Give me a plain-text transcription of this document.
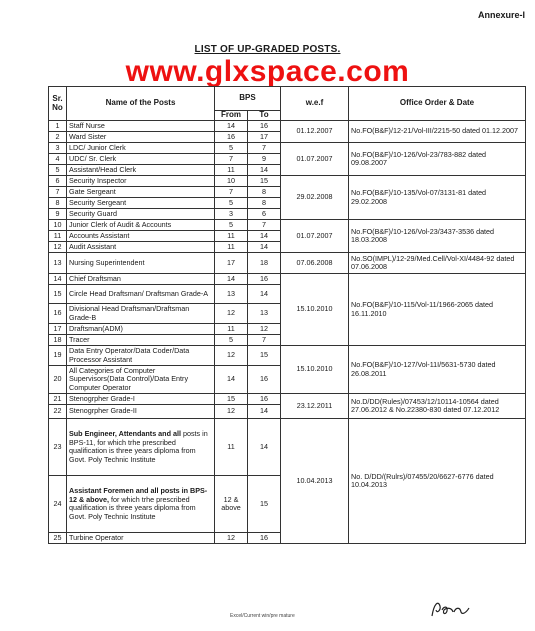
Annexure-I
LIST OF UP-GRADED POSTS.
www.glxspace.com
Sr. No	Name of the Posts	BPS		w.e.f	Office Order & Date
		From	To		
1	Staff Nurse	14	16	01.12.2007	No.FO(B&F)/12-21/Vol-III/2215-50 dated 01.12.2007
2	Ward Sister	16	17		
3	LDC/ Junior Clerk	5	7	01.07.2007	No.FO(B&F)/10-126/Vol-23/783-882 dated 09.08.2007
4	UDC/ Sr. Clerk	7	9		
5	Assistant/Head Clerk	11	14		
6	Security Inspector	10	15	29.02.2008	No.FO(B&F)/10-135/Vol-07/3131-81 dated 29.02.2008
7	Gate Sergeant	7	8		
8	Security Sergeant	5	8		
9	Security Guard	3	6		
10	Junior Clerk of Audit & Accounts	5	7	01.07.2007	No.FO(B&F)/10-126/Vol-23/3437-3536 dated 18.03.2008
11	Accounts Assistant	11	14		
12	Audit Assistant	11	14		
13	Nursing Superintendent	17	18	07.06.2008	No.SO(IMPL)/12-29/Med.Cell/Vol-XI/4484-92 dated 07.06.2008
14	Chief Draftsman	14	16	15.10.2010	No.FO(B&F)/10-115/Vol-11/1966-2065 dated 16.11.2010
15	Circle Head Draftsman/ Draftsman Grade-A	13	14		
16	Divisional Head Draftsman/Draftsman Grade-B	12	13		
17	Draftsman(ADM)	11	12		
18	Tracer	5	7		
19	Data Entry Operator/Data Coder/Data Processor Assistant	12	15	15.10.2010	No.FO(B&F)/10-127/Vol-11I/5631-5730 dated 26.08.2011
20	All Categories of Computer Supervisors(Data Control)/Data Entry Computer Operator	14	16		
21	Stenogrpher Grade-I	15	16	23.12.2011	No.D/DD(Rules)/07453/12/10114-10564 dated 27.06.2012 & No.22380-830 dated 07.12.2012
22	Stenogrpher Grade-II	12	14		
23	Sub Engineer, Attendants and all posts in BPS-11, for which trhe prescribed qualification is three years diploma from Govt. Poly Technic Institute	11	14	10.04.2013	No. D/DD/(Rulrs)/07455/20/6627-6776 dated 10.04.2013
24	Assistant Foremen and all posts in BPS-12 & above, for which trhe prescribed qualification is three years diploma from Govt. Poly Technic Institute	12 & above	15		
25	Turbine Operator	12	16		
Excel/Current win/pre mature
